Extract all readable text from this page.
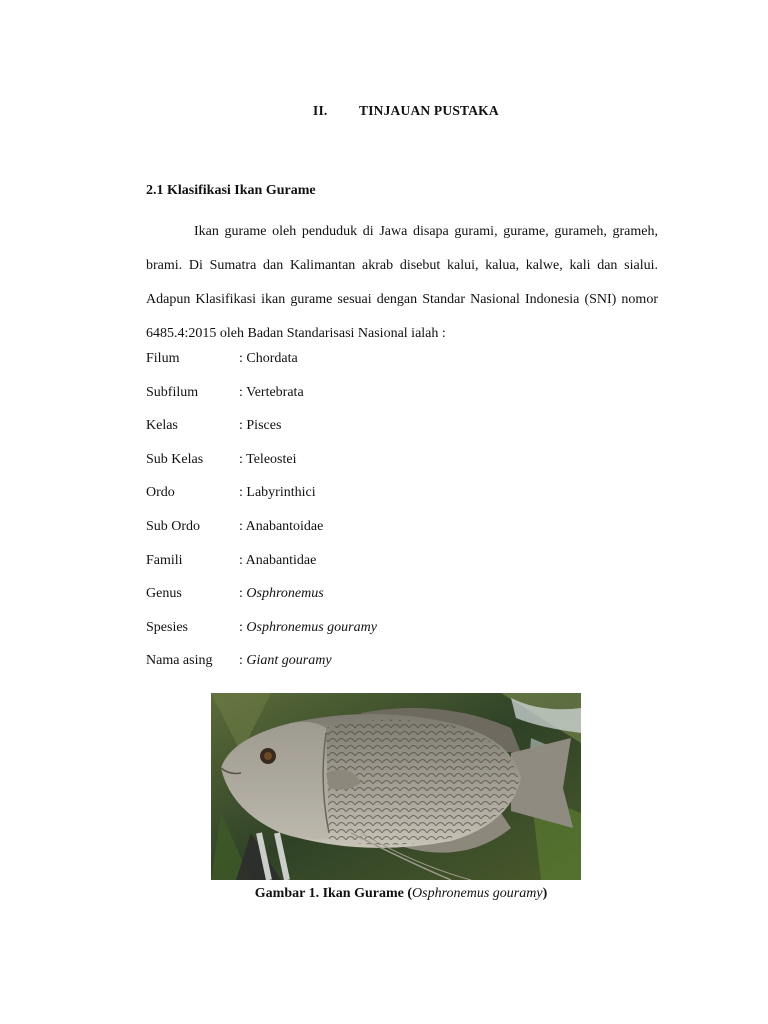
II. TINJAUAN PUSTAKA
2.1 Klasifikasi Ikan Gurame

Ikan gurame oleh penduduk di Jawa disapa gurami, gurame, gurameh, grameh, brami. Di Sumatra dan Kalimantan akrab disebut kalui, kalua, kalwe, kali dan sialui. Adapun Klasifikasi ikan gurame sesuai dengan Standar Nasional Indonesia (SNI) nomor 6485.4:2015 oleh Badan Standarisasi Nasional ialah :

Filum	: Chordata
Subfilum	: Vertebrata
Kelas	: Pisces
Sub Kelas	: Teleostei
Ordo	: Labyrinthici
Sub Ordo	: Anabantoidae
Famili	: Anabantidae
Genus	: Osphronemus
Spesies	: Osphronemus gouramy
Nama asing : Giant gouramy
Gambar 1. Ikan Gurame (Osphronemus gouramy)
